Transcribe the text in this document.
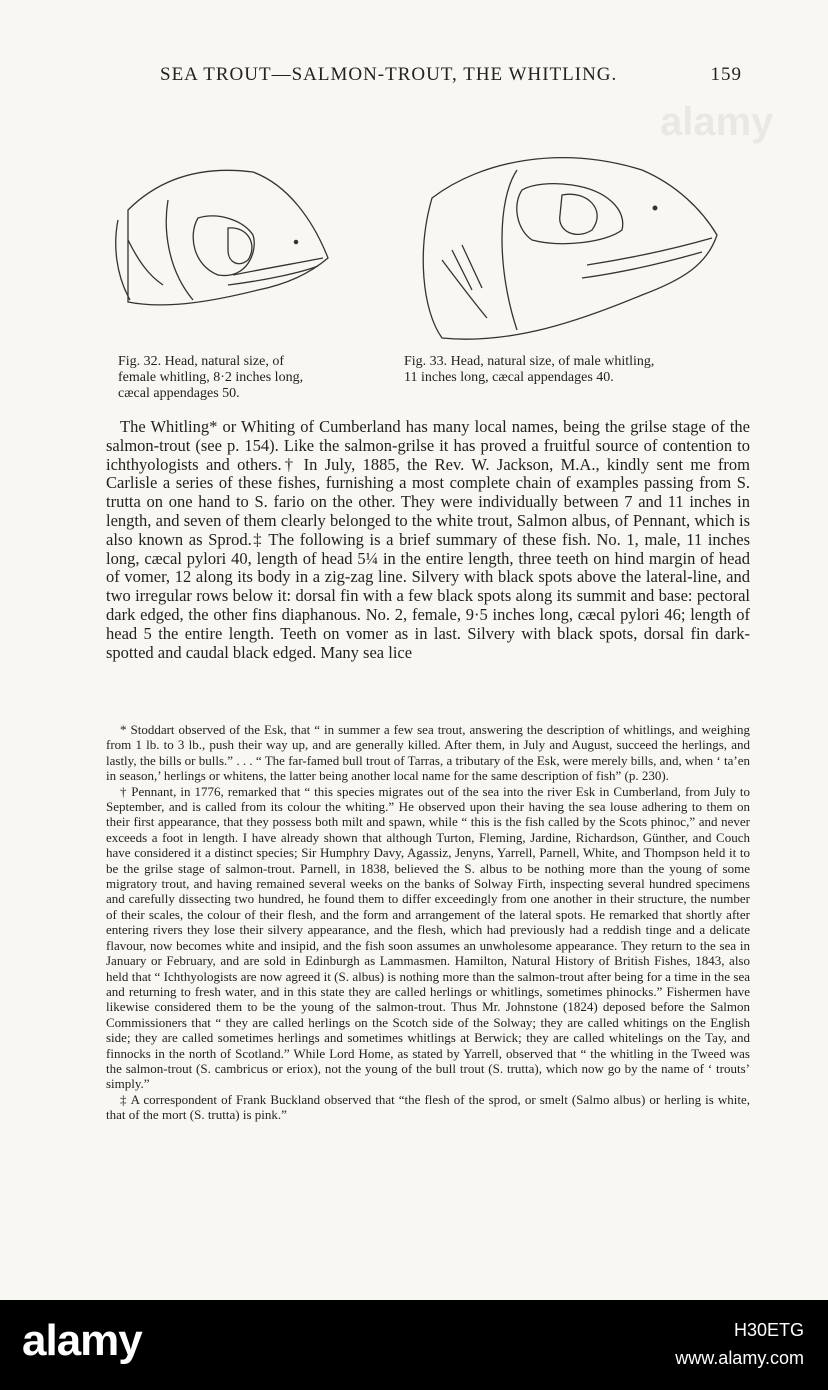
SEA TROUT—SALMON-TROUT, THE WHITLING.	159
Fig. 32. Head, natural size, of
female whitling, 8·2 inches long,
cæcal appendages 50.
Fig. 33. Head, natural size, of male whitling,
11 inches long, cæcal appendages 40.

The Whitling* or Whiting of Cumberland has many local names, being the grilse stage of the salmon-trout (see p. 154). Like the salmon-grilse it has proved a fruitful source of contention to ichthyologists and others.† In July, 1885, the Rev. W. Jackson, M.A., kindly sent me from Carlisle a series of these fishes, furnishing a most complete chain of examples passing from S. trutta on one hand to S. fario on the other. They were individually between 7 and 11 inches in length, and seven of them clearly belonged to the white trout, Salmon albus, of Pennant, which is also known as Sprod.‡ The following is a brief summary of these fish. No. 1, male, 11 inches long, cæcal pylori 40, length of head 5¼ in the entire length, three teeth on hind margin of head of vomer, 12 along its body in a zig-zag line. Silvery with black spots above the lateral-line, and two irregular rows below it: dorsal fin with a few black spots along its summit and base: pectoral dark edged, the other fins diaphanous. No. 2, female, 9·5 inches long, cæcal pylori 46; length of head 5 the entire length. Teeth on vomer as in last. Silvery with black spots, dorsal fin dark-spotted and caudal black edged. Many sea lice

* Stoddart observed of the Esk, that “ in summer a few sea trout, answering the description of whitlings, and weighing from 1 lb. to 3 lb., push their way up, and are generally killed. After them, in July and August, succeed the herlings, and lastly, the bills or bulls.” . . . “ The far-famed bull trout of Tarras, a tributary of the Esk, were merely bills, and, when ‘ ta’en in season,’ herlings or whitens, the latter being another local name for the same description of fish” (p. 230).

† Pennant, in 1776, remarked that “ this species migrates out of the sea into the river Esk in Cumberland, from July to September, and is called from its colour the whiting.” He observed upon their having the sea louse adhering to them on their first appearance, that they possess both milt and spawn, while “ this is the fish called by the Scots phinoc,” and never exceeds a foot in length. I have already shown that although Turton, Fleming, Jardine, Richardson, Günther, and Couch have considered it a distinct species; Sir Humphry Davy, Agassiz, Jenyns, Yarrell, Parnell, White, and Thompson held it to be the grilse stage of salmon-trout. Parnell, in 1838, believed the S. albus to be nothing more than the young of some migratory trout, and having remained several weeks on the banks of Solway Firth, inspecting several hundred specimens and carefully dissecting two hundred, he found them to differ exceedingly from one another in their structure, the number of their scales, the colour of their flesh, and the form and arrangement of the lateral spots. He remarked that shortly after entering rivers they lose their silvery appearance, and the flesh, which had previously had a reddish tinge and a delicate flavour, now becomes white and insipid, and the fish soon assumes an unwholesome appearance. They return to the sea in January or February, and are sold in Edinburgh as Lammasmen. Hamilton, Natural History of British Fishes, 1843, also held that “ Ichthyologists are now agreed it (S. albus) is nothing more than the salmon-trout after being for a time in the sea and returning to fresh water, and in this state they are called herlings or whitlings, sometimes phinocks.” Fishermen have likewise considered them to be the young of the salmon-trout. Thus Mr. Johnstone (1824) deposed before the Salmon Commissioners that “ they are called herlings on the Scotch side of the Solway; they are called whitings on the English side; they are called sometimes herlings and sometimes whitlings at Berwick; they are called whitelings on the Tay, and finnocks in the north of Scotland.” While Lord Home, as stated by Yarrell, observed that “ the whitling in the Tweed was the salmon-trout (S. cambricus or eriox), not the young of the bull trout (S. trutta), which now go by the name of ‘ trouts’ simply.”

‡ A correspondent of Frank Buckland observed that “the flesh of the sprod, or smelt (Salmo albus) or herling is white, that of the mort (S. trutta) is pink.”

alamy
alamy	H30ETG
www.alamy.com
